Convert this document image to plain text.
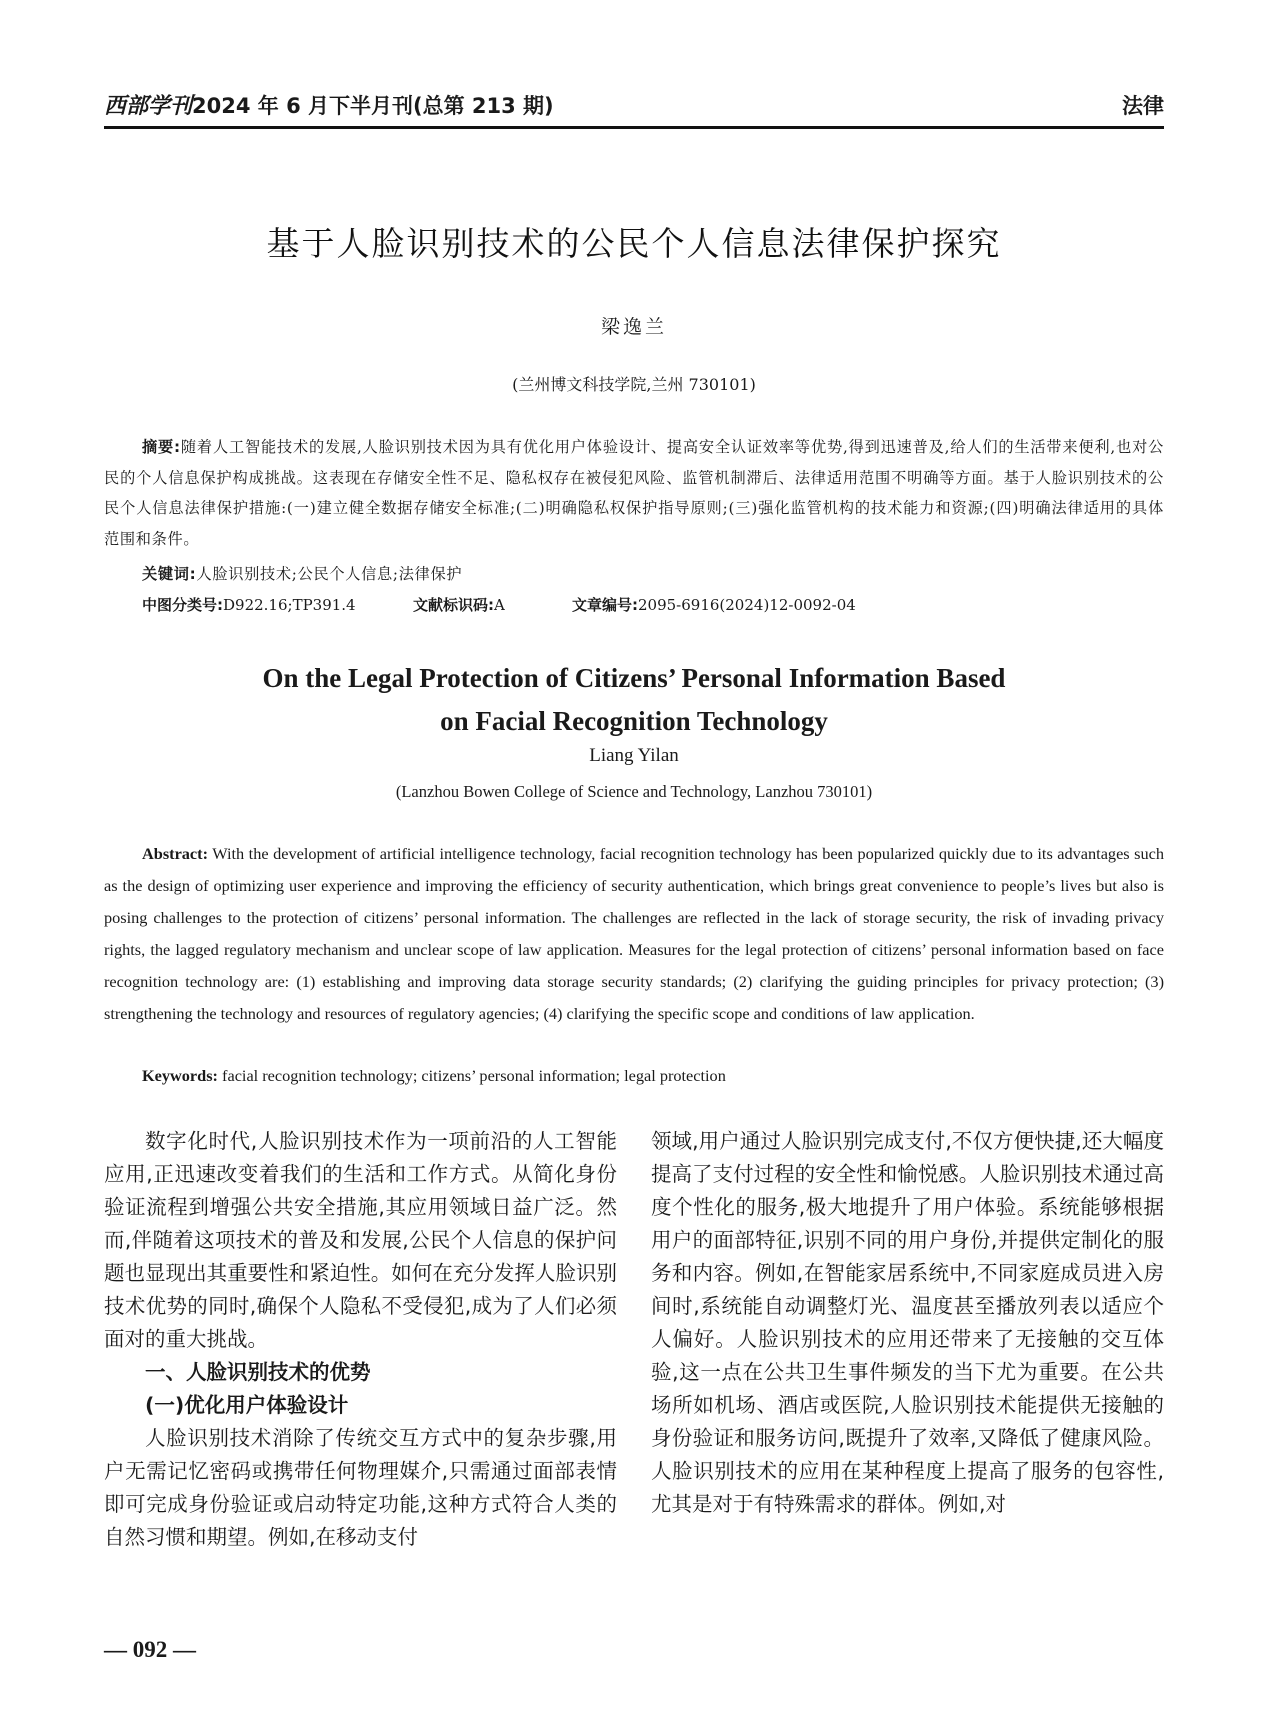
西部学刊 2024 年 6 月下半月刊(总第 213 期)	法律
基于人脸识别技术的公民个人信息法律保护探究
梁逸兰
(兰州博文科技学院,兰州 730101)
摘要:随着人工智能技术的发展,人脸识别技术因为具有优化用户体验设计、提高安全认证效率等优势,得到迅速普及,给人们的生活带来便利,也对公民的个人信息保护构成挑战。这表现在存储安全性不足、隐私权存在被侵犯风险、监管机制滞后、法律适用范围不明确等方面。基于人脸识别技术的公民个人信息法律保护措施:(一)建立健全数据存储安全标准;(二)明确隐私权保护指导原则;(三)强化监管机构的技术能力和资源;(四)明确法律适用的具体范围和条件。
关键词:人脸识别技术;公民个人信息;法律保护
中图分类号:D922.16;TP391.4	文献标识码:A	文章编号:2095-6916(2024)12-0092-04
On the Legal Protection of Citizens’ Personal Information Based
on Facial Recognition Technology
Liang Yilan
(Lanzhou Bowen College of Science and Technology, Lanzhou 730101)
Abstract: With the development of artificial intelligence technology, facial recognition technology has been popularized quickly due to its advantages such as the design of optimizing user experience and improving the efficiency of security authentication, which brings great convenience to people’s lives but also is posing challenges to the protection of citizens’ personal information. The challenges are reflected in the lack of storage security, the risk of invading privacy rights, the lagged regulatory mechanism and unclear scope of law application. Measures for the legal protection of citizens’ personal information based on face recognition technology are: (1) establishing and improving data storage security standards; (2) clarifying the guiding principles for privacy protection; (3) strengthening the technology and resources of regulatory agencies; (4) clarifying the specific scope and conditions of law application.
Keywords: facial recognition technology; citizens’ personal information; legal protection

数字化时代,人脸识别技术作为一项前沿的人工智能应用,正迅速改变着我们的生活和工作方式。从简化身份验证流程到增强公共安全措施,其应用领域日益广泛。然而,伴随着这项技术的普及和发展,公民个人信息的保护问题也显现出其重要性和紧迫性。如何在充分发挥人脸识别技术优势的同时,确保个人隐私不受侵犯,成为了人们必须面对的重大挑战。

一、人脸识别技术的优势

(一)优化用户体验设计

人脸识别技术消除了传统交互方式中的复杂步骤,用户无需记忆密码或携带任何物理媒介,只需通过面部表情即可完成身份验证或启动特定功能,这种方式符合人类的自然习惯和期望。例如,在移动支付

领域,用户通过人脸识别完成支付,不仅方便快捷,还大幅度提高了支付过程的安全性和愉悦感。人脸识别技术通过高度个性化的服务,极大地提升了用户体验。系统能够根据用户的面部特征,识别不同的用户身份,并提供定制化的服务和内容。例如,在智能家居系统中,不同家庭成员进入房间时,系统能自动调整灯光、温度甚至播放列表以适应个人偏好。人脸识别技术的应用还带来了无接触的交互体验,这一点在公共卫生事件频发的当下尤为重要。在公共场所如机场、酒店或医院,人脸识别技术能提供无接触的身份验证和服务访问,既提升了效率,又降低了健康风险。人脸识别技术的应用在某种程度上提高了服务的包容性,尤其是对于有特殊需求的群体。例如,对

— 092 —
